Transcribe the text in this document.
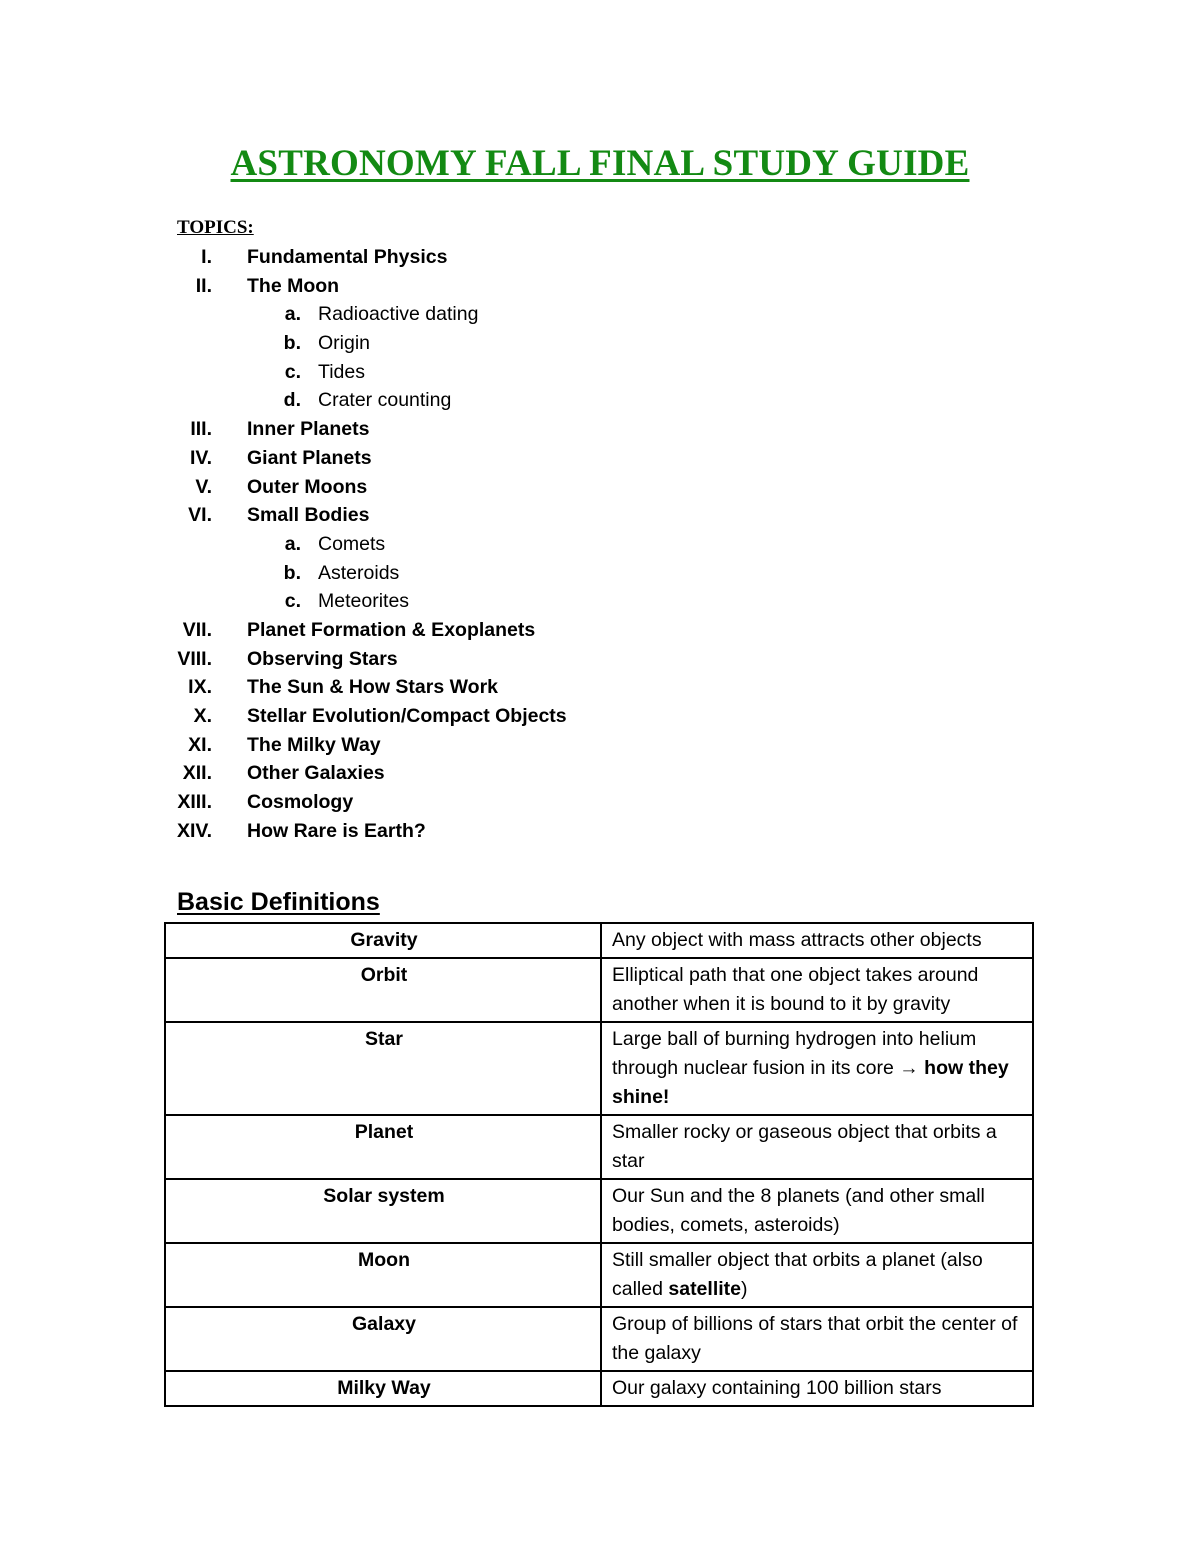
ASTRONOMY FALL FINAL STUDY GUIDE
TOPICS:
I. Fundamental Physics
II. The Moon
a. Radioactive dating
b. Origin
c. Tides
d. Crater counting
III. Inner Planets
IV. Giant Planets
V. Outer Moons
VI. Small Bodies
a. Comets
b. Asteroids
c. Meteorites
VII. Planet Formation & Exoplanets
VIII. Observing Stars
IX. The Sun & How Stars Work
X. Stellar Evolution/Compact Objects
XI. The Milky Way
XII. Other Galaxies
XIII. Cosmology
XIV. How Rare is Earth?
Basic Definitions
Gravity	Any object with mass attracts other objects
Orbit	Elliptical path that one object takes around another when it is bound to it by gravity
Star	Large ball of burning hydrogen into helium through nuclear fusion in its core → how they shine!
Planet	Smaller rocky or gaseous object that orbits a star
Solar system	Our Sun and the 8 planets (and other small bodies, comets, asteroids)
Moon	Still smaller object that orbits a planet (also called satellite)
Galaxy	Group of billions of stars that orbit the center of the galaxy
Milky Way	Our galaxy containing 100 billion stars
